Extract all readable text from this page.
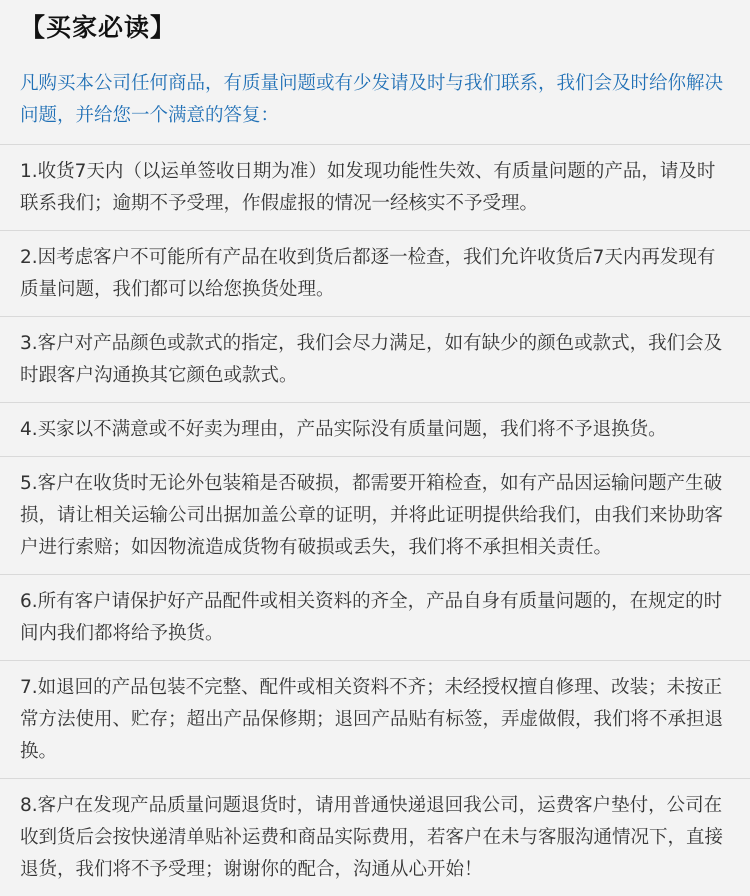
【买家必读】

凡购买本公司任何商品，有质量问题或有少发请及时与我们联系，我们会及时给你解决问题，并给您一个满意的答复：

1.收货7天内（以运单签收日期为准）如发现功能性失效、有质量问题的产品，请及时联系我们；逾期不予受理，作假虚报的情况一经核实不予受理。
2.因考虑客户不可能所有产品在收到货后都逐一检查，我们允许收货后7天内再发现有质量问题，我们都可以给您换货处理。
3.客户对产品颜色或款式的指定，我们会尽力满足，如有缺少的颜色或款式，我们会及时跟客户沟通换其它颜色或款式。
4.买家以不满意或不好卖为理由，产品实际没有质量问题，我们将不予退换货。
5.客户在收货时无论外包装箱是否破损，都需要开箱检查，如有产品因运输问题产生破损，请让相关运输公司出据加盖公章的证明，并将此证明提供给我们，由我们来协助客户进行索赔；如因物流造成货物有破损或丢失，我们将不承担相关责任。
6.所有客户请保护好产品配件或相关资料的齐全，产品自身有质量问题的，在规定的时间内我们都将给予换货。
7.如退回的产品包装不完整、配件或相关资料不齐；未经授权擅自修理、改装；未按正常方法使用、贮存；超出产品保修期；退回产品贴有标签，弄虚做假，我们将不承担退换。
8.客户在发现产品质量问题退货时，请用普通快递退回我公司，运费客户垫付，公司在收到货后会按快递清单贴补运费和商品实际费用，若客户在未与客服沟通情况下，直接退货，我们将不予受理；谢谢你的配合，沟通从心开始！
